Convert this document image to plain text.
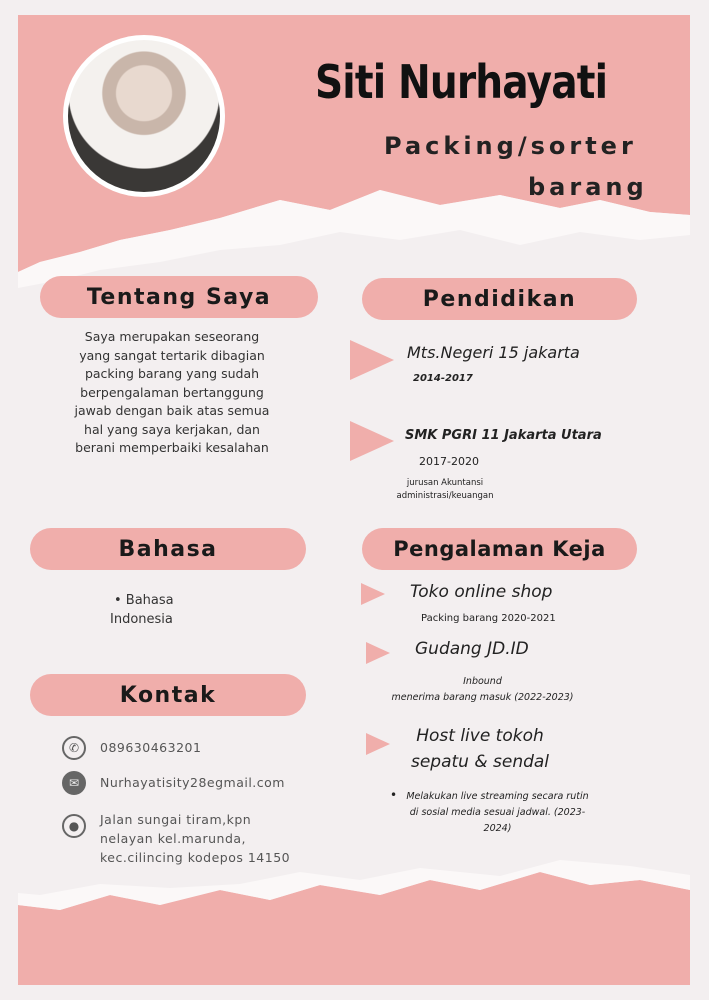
Siti Nurhayati
Packing/sorter
barang
Tentang Saya
Saya merupakan seseorang yang sangat tertarik dibagian packing barang yang sudah berpengalaman bertanggung jawab dengan baik atas semua hal yang saya kerjakan, dan berani memperbaiki kesalahan
Pendidikan
Mts.Negeri 15 jakarta
2014-2017
SMK PGRI 11 Jakarta Utara
2017-2020
jurusan Akuntansi
administrasi/keuangan
Bahasa
• Bahasa
Indonesia
Kontak
✆	089630463201
✉	Nurhayatisity28egmail.com
●	Jalan sungai tiram,kpn
nelayan kel.marunda,
kec.cilincing kodepos 14150
Pengalaman Keja
Toko online shop
Packing barang 2020-2021
Gudang JD.ID
Inbound
menerima barang masuk (2022-2023)
Host live tokoh
sepatu & sendal
• Melakukan live streaming secara rutin di sosial media sesuai jadwal. (2023-2024)
